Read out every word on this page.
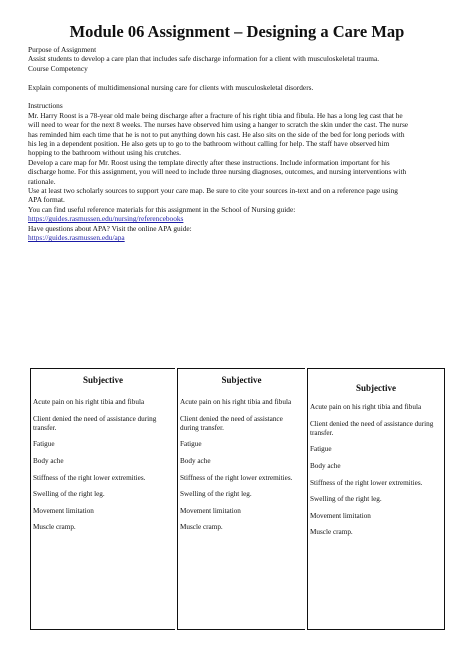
Module 06 Assignment – Designing a Care Map

Purpose of Assignment

Assist students to develop a care plan that includes safe discharge information for a client with musculoskeletal trauma.

Course Competency

Explain components of multidimensional nursing care for clients with musculoskeletal disorders.

Instructions

Mr. Harry Roost is a 78-year old male being discharge after a fracture of his right tibia and fibula. He has a long leg cast that he

will need to wear for the next 8 weeks. The nurses have observed him using a hanger to scratch the skin under the cast. The nurse

has reminded him each time that he is not to put anything down his cast. He also sits on the side of the bed for long periods with

his leg in a dependent position. He also gets up to go to the bathroom without calling for help. The staff have observed him

hopping to the bathroom without using his crutches.

Develop a care map for Mr. Roost using the template directly after these instructions. Include information important for his

discharge home. For this assignment, you will need to include three nursing diagnoses, outcomes, and nursing interventions with

rationale.

Use at least two scholarly sources to support your care map. Be sure to cite your sources in-text and on a reference page using

APA format.

You can find useful reference materials for this assignment in the School of Nursing guide:

https://guides.rasmussen.edu/nursing/referencebooks

Have questions about APA? Visit the online APA guide:

https://guides.rasmussen.edu/apa

Subjective
Acute pain on his right tibia and fibula
Client denied the need of assistance during transfer.
Fatigue
Body ache
Stiffness of the right lower extremities.
Swelling of the right leg.
Movement limitation
Muscle cramp.
Subjective
Acute pain on his right tibia and fibula
Client denied the need of assistance during transfer.
Fatigue
Body ache
Stiffness of the right lower extremities.
Swelling of the right leg.
Movement limitation
Muscle cramp.
Subjective
Acute pain on his right tibia and fibula
Client denied the need of assistance during transfer.
Fatigue
Body ache
Stiffness of the right lower extremities.
Swelling of the right leg.
Movement limitation
Muscle cramp.
